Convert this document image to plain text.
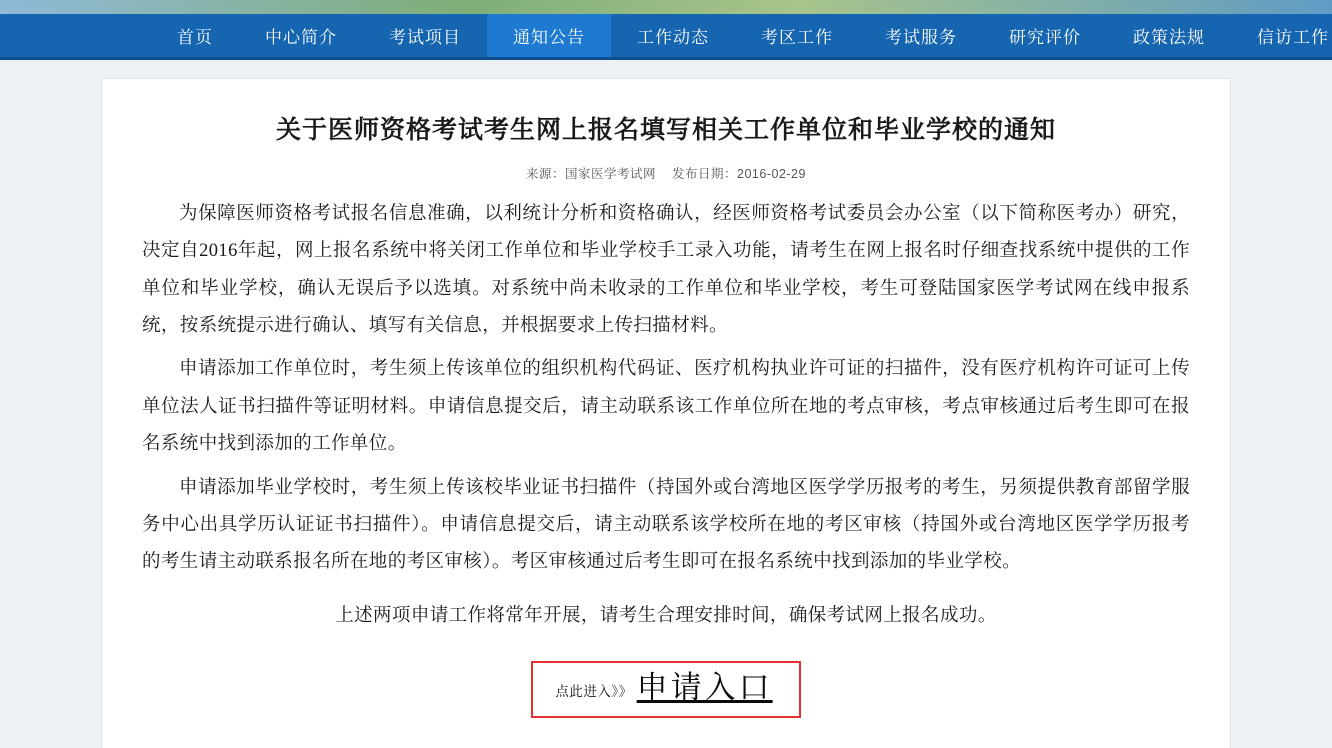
首页	中心简介	考试项目	通知公告	工作动态	考区工作	考试服务	研究评价	政策法规	信访工作
关于医师资格考试考生网上报名填写相关工作单位和毕业学校的通知
来源：国家医学考试网 发布日期：2016-02-29

为保障医师资格考试报名信息准确，以利统计分析和资格确认，经医师资格考试委员会办公室（以下简称医考办）研究，决定自2016年起，网上报名系统中将关闭工作单位和毕业学校手工录入功能，请考生在网上报名时仔细查找系统中提供的工作单位和毕业学校，确认无误后予以选填。对系统中尚未收录的工作单位和毕业学校，考生可登陆国家医学考试网在线申报系统，按系统提示进行确认、填写有关信息，并根据要求上传扫描材料。

申请添加工作单位时，考生须上传该单位的组织机构代码证、医疗机构执业许可证的扫描件，没有医疗机构许可证可上传单位法人证书扫描件等证明材料。申请信息提交后，请主动联系该工作单位所在地的考点审核，考点审核通过后考生即可在报名系统中找到添加的工作单位。

申请添加毕业学校时，考生须上传该校毕业证书扫描件（持国外或台湾地区医学学历报考的考生，另须提供教育部留学服务中心出具学历认证证书扫描件）。申请信息提交后，请主动联系该学校所在地的考区审核（持国外或台湾地区医学学历报考的考生请主动联系报名所在地的考区审核）。考区审核通过后考生即可在报名系统中找到添加的毕业学校。

上述两项申请工作将常年开展，请考生合理安排时间，确保考试网上报名成功。

点此进入》》 申请入口
